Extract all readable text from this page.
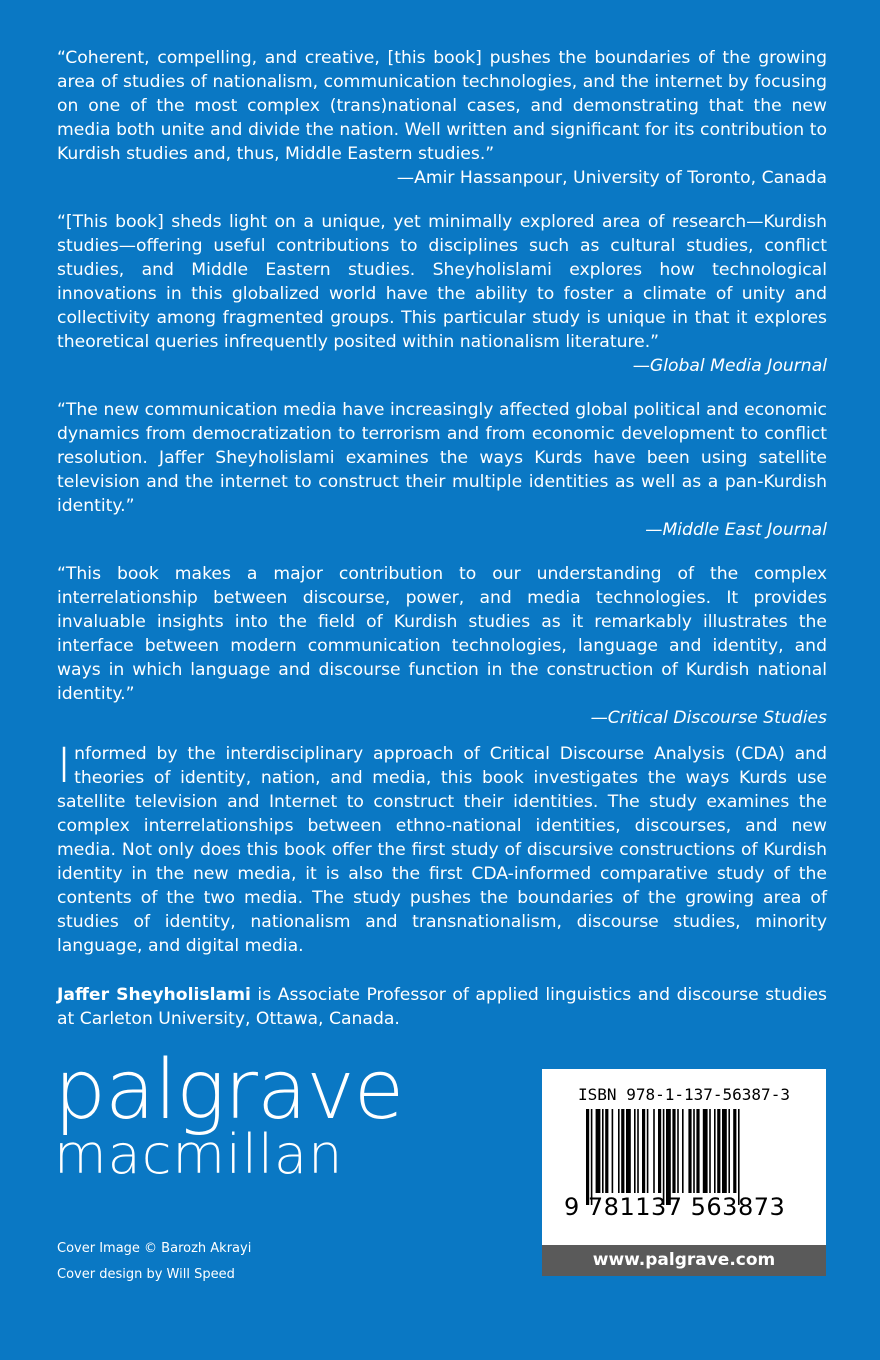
“Coherent, compelling, and creative, [this book] pushes the boundaries of the growing area of studies of nationalism, communication technologies, and the internet by focusing on one of the most complex (trans)national cases, and demonstrating that the new media both unite and divide the nation. Well written and significant for its contribution to Kurdish studies and, thus, Middle Eastern studies.”

—Amir Hassanpour, University of Toronto, Canada

“[This book] sheds light on a unique, yet minimally explored area of research—Kurdish studies—offering useful contributions to disciplines such as cultural studies, conflict studies, and Middle Eastern studies. Sheyholislami explores how technological innovations in this globalized world have the ability to foster a climate of unity and collectivity among fragmented groups. This particular study is unique in that it explores theoretical queries infrequently posited within nationalism literature.”

—Global Media Journal

“The new communication media have increasingly affected global political and economic dynamics from democratization to terrorism and from economic development to conflict resolution. Jaffer Sheyholislami examines the ways Kurds have been using satellite television and the internet to construct their multiple identities as well as a pan-Kurdish identity.”

—Middle East Journal

“This book makes a major contribution to our understanding of the complex interrelationship between discourse, power, and media technologies. It provides invaluable insights into the field of Kurdish studies as it remarkably illustrates the interface between modern communication technologies, language and identity, and ways in which language and discourse function in the construction of Kurdish national identity.”

—Critical Discourse Studies

Informed by the interdisciplinary approach of Critical Discourse Analysis (CDA) and theories of identity, nation, and media, this book investigates the ways Kurds use satellite television and Internet to construct their identities. The study examines the complex interrelationships between ethno-national identities, discourses, and new media. Not only does this book offer the first study of discursive constructions of Kurdish identity in the new media, it is also the first CDA-informed comparative study of the contents of the two media. The study pushes the boundaries of the growing area of studies of identity, nationalism and transnationalism, discourse studies, minority language, and digital media.

Jaffer Sheyholislami is Associate Professor of applied linguistics and discourse studies at Carleton University, Ottawa, Canada.

palgrave
macmillan
Cover Image © Barozh Akrayi
Cover design by Will Speed
ISBN 978-1-137-56387-3
9 781137 563873
www.palgrave.com
